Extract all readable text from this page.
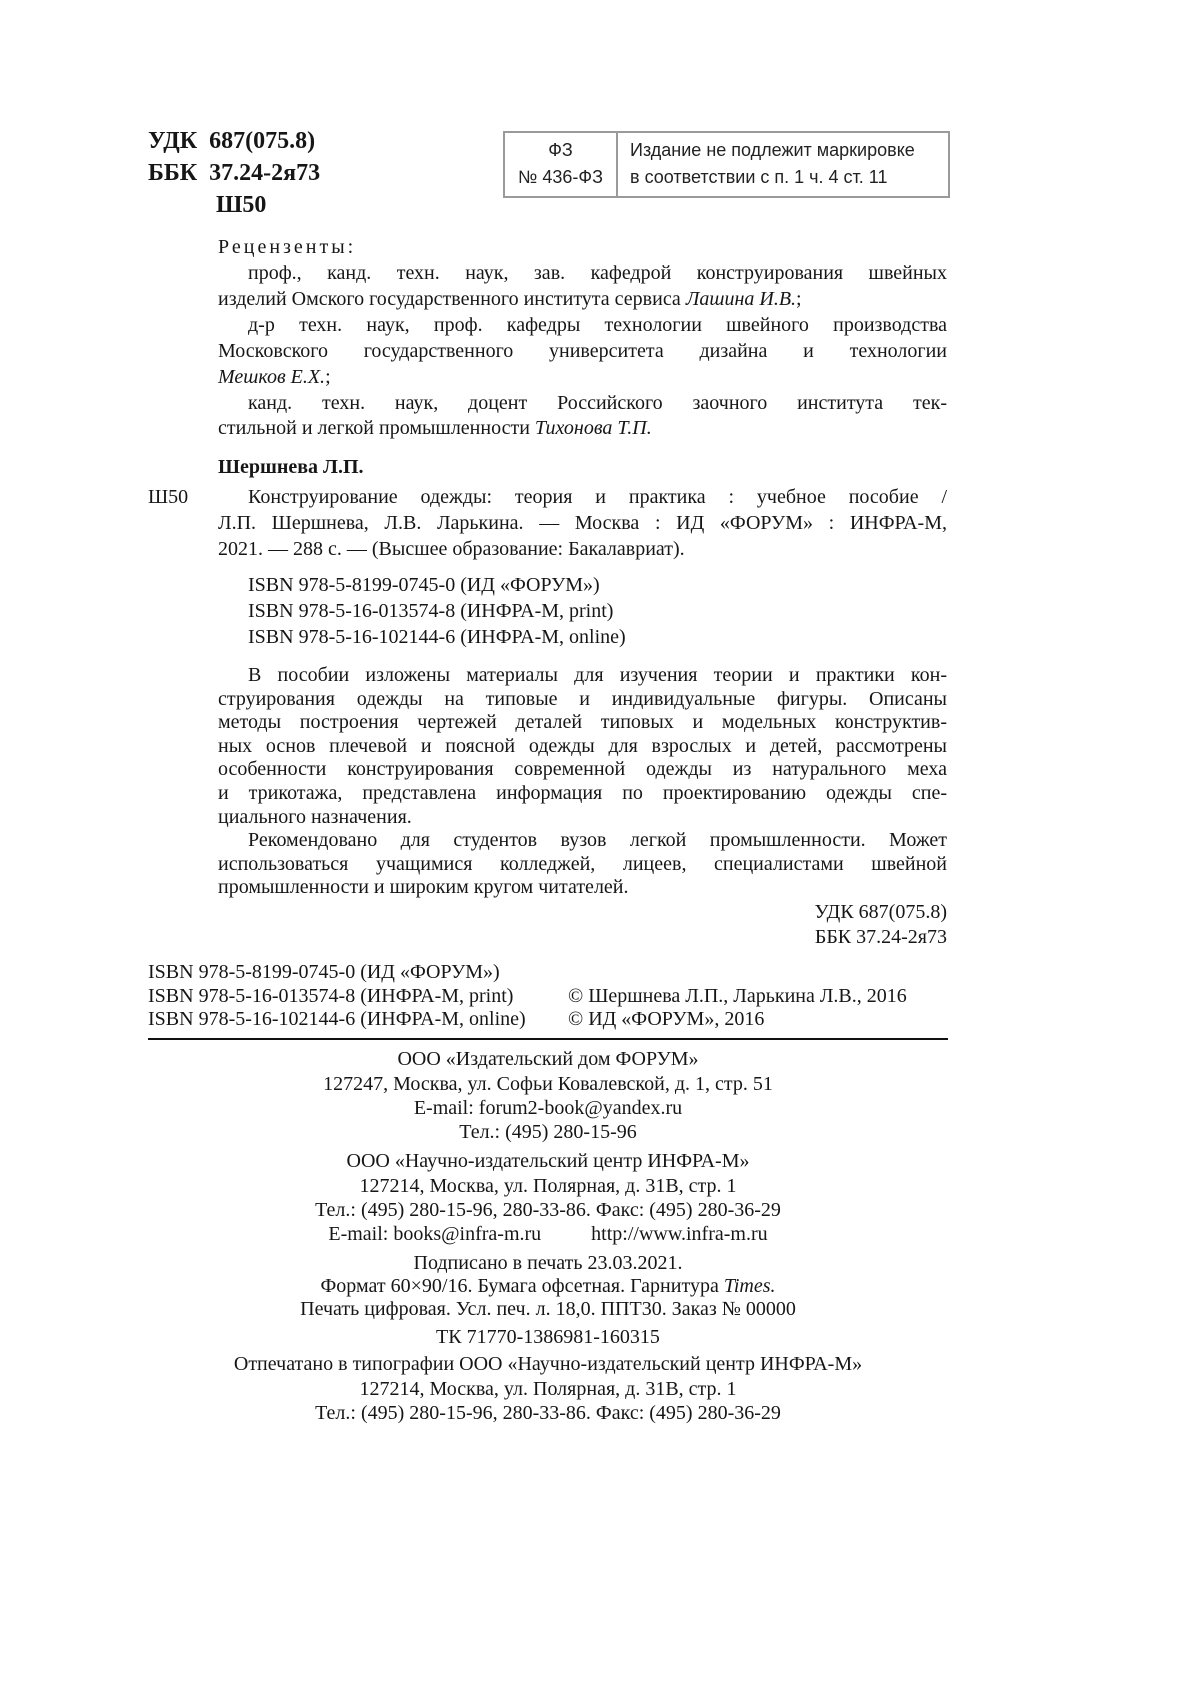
УДК 687(075.8)
ББК 37.24-2я73
Ш50
ФЗ
№ 436-ФЗ
Издание не подлежит маркировке
в соответствии с п. 1 ч. 4 ст. 11
Рецензенты:
проф., канд. техн. наук, зав. кафедрой конструирования швейных
изделий Омского государственного института сервиса Лашина И.В.;
д-р техн. наук, проф. кафедры технологии швейного производства
Московского государственного университета дизайна и технологии
Мешков Е.Х.;
канд. техн. наук, доцент Российского заочного института тек-
стильной и легкой промышленности Тихонова Т.П.
Шершнева Л.П.
Ш50	Конструирование одежды: теория и практика : учебное пособие /
Л.П. Шершнева, Л.В. Ларькина. — Москва : ИД «ФОРУМ» : ИНФРА-М,
2021. — 288 с. — (Высшее образование: Бакалавриат).
ISBN 978-5-8199-0745-0 (ИД «ФОРУМ»)
ISBN 978-5-16-013574-8 (ИНФРА-М, print)
ISBN 978-5-16-102144-6 (ИНФРА-М, online)
В пособии изложены материалы для изучения теории и практики кон-
струирования одежды на типовые и индивидуальные фигуры. Описаны
методы построения чертежей деталей типовых и модельных конструктив-
ных основ плечевой и поясной одежды для взрослых и детей, рассмотрены
особенности конструирования современной одежды из натурального меха
и трикотажа, представлена информация по проектированию одежды спе-
циального назначения.
Рекомендовано для студентов вузов легкой промышленности. Может
использоваться учащимися колледжей, лицеев, специалистами швейной
промышленности и широким кругом читателей.
УДК 687(075.8)
ББК 37.24-2я73
ISBN 978-5-8199-0745-0 (ИД «ФОРУМ»)
ISBN 978-5-16-013574-8 (ИНФРА-М, print)
ISBN 978-5-16-102144-6 (ИНФРА-М, online)
© Шершнева Л.П., Ларькина Л.В., 2016
© ИД «ФОРУМ», 2016
ООО «Издательский дом ФОРУМ»
127247, Москва, ул. Софьи Ковалевской, д. 1, стр. 51
E-mail: forum2-book@yandex.ru
Тел.: (495) 280-15-96
ООО «Научно-издательский центр ИНФРА-М»
127214, Москва, ул. Полярная, д. 31В, стр. 1
Тел.: (495) 280-15-96, 280-33-86. Факс: (495) 280-36-29
E-mail: books@infra-m.ru          http://www.infra-m.ru
Подписано в печать 23.03.2021.
Формат 60×90/16. Бумага офсетная. Гарнитура Times.
Печать цифровая. Усл. печ. л. 18,0. ППТ30. Заказ № 00000
ТК 71770-1386981-160315
Отпечатано в типографии ООО «Научно-издательский центр ИНФРА-М»
127214, Москва, ул. Полярная, д. 31В, стр. 1
Тел.: (495) 280-15-96, 280-33-86. Факс: (495) 280-36-29
